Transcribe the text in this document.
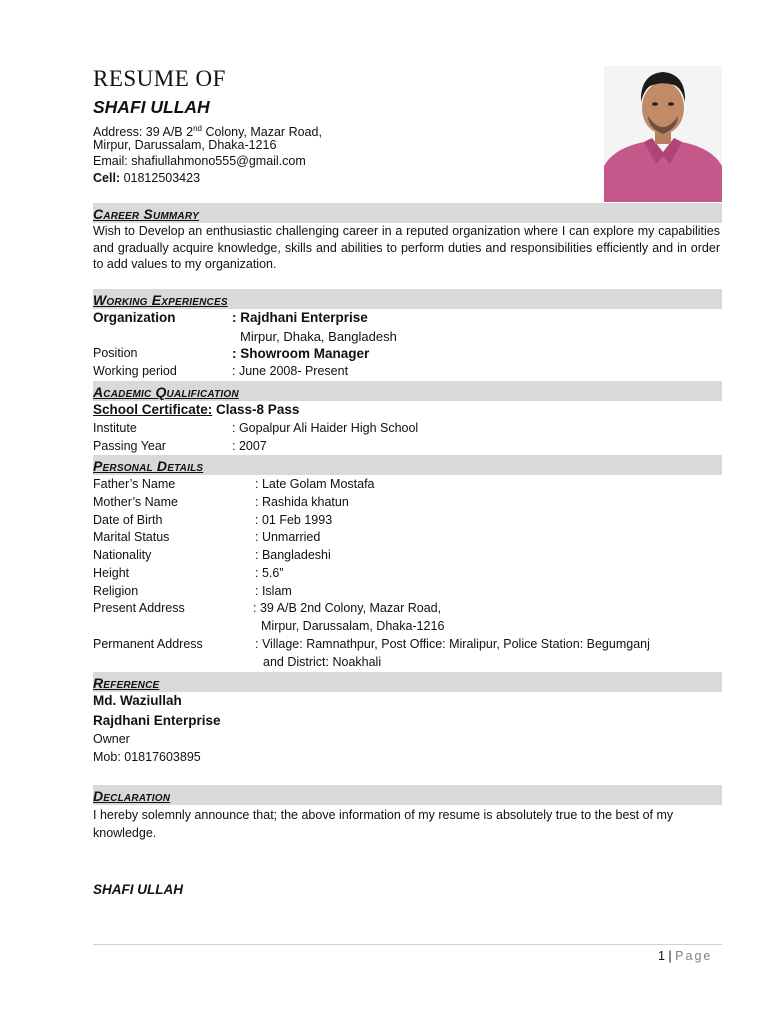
RESUME OF
SHAFI ULLAH
Address: 39 A/B 2nd Colony, Mazar Road,
Mirpur, Darussalam, Dhaka-1216
Email: shafiullahmono555@gmail.com
Cell: 01812503423
Career Summary
Wish to Develop an enthusiastic challenging career in a reputed organization where I can explore my capabilities and gradually acquire knowledge, skills and abilities to perform duties and responsibilities efficiently and in order to add values to my organization.
Working Experiences
Organization	: Rajdhani Enterprise
Mirpur, Dhaka, Bangladesh
Position	: Showroom Manager
Working period	: June 2008- Present
Academic Qualification
School Certificate: Class-8 Pass
Institute	: Gopalpur Ali Haider High School
Passing Year	: 2007
Personal Details
Father’s Name	: Late Golam Mostafa
Mother’s Name	: Rashida khatun
Date of Birth	: 01 Feb 1993
Marital Status	: Unmarried
Nationality	: Bangladeshi
Height	: 5.6”
Religion	: Islam
Present Address	: 39 A/B 2nd Colony, Mazar Road,
Mirpur, Darussalam, Dhaka-1216
Permanent Address	: Village: Ramnathpur, Post Office: Miralipur, Police Station: Begumganj
and District: Noakhali
Reference
Md. Waziullah
Rajdhani Enterprise
Owner
Mob: 01817603895
Declaration
I hereby solemnly announce that; the above information of my resume is absolutely true to the best of my knowledge.
SHAFI ULLAH
1 | Page
